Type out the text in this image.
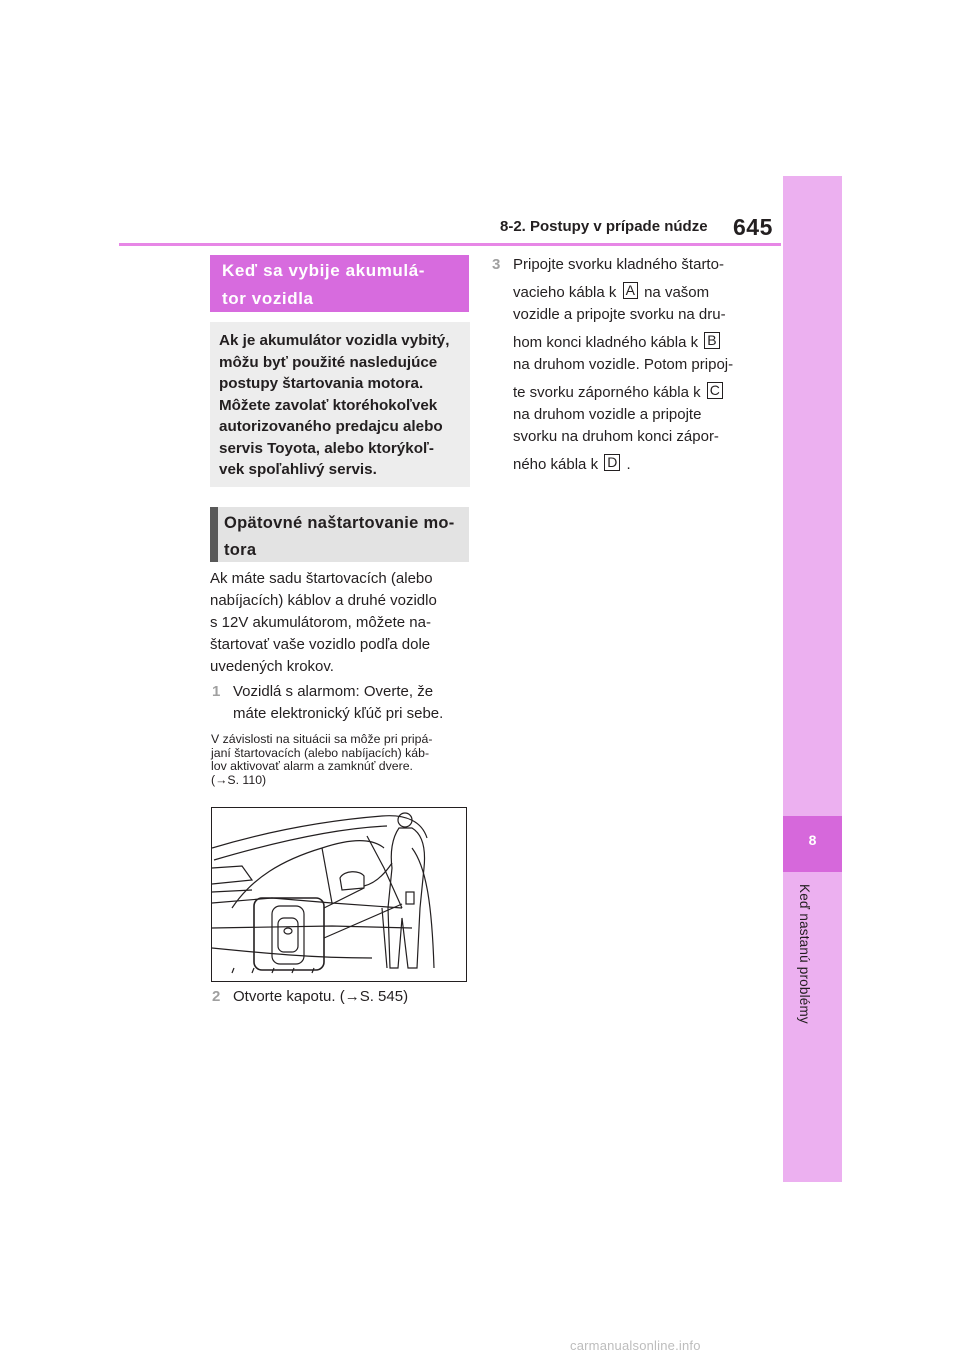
8-2. Postupy v prípade núdze 645
8
Keď nastanú problémy
Keď sa vybije akumulá-
tor vozidla
Ak je akumulátor vozidla vybitý,
môžu byť použité nasledujúce
postupy štartovania motora.
Môžete zavolať ktoréhokoľvek
autorizovaného predajcu alebo
servis Toyota, alebo ktorýkoľ-
vek spoľahlivý servis.
Opätovné naštartovanie mo-
tora
Ak máte sadu štartovacích (alebo
nabíjacích) káblov a druhé vozidlo
s 12V akumulátorom, môžete na-
štartovať vaše vozidlo podľa dole
uvedených krokov.
1 Vozidlá s alarmom: Overte, že
máte elektronický kľúč pri sebe.
V závislosti na situácii sa môže pri pripá-
janí štartovacích (alebo nabíjacích) káb-
lov aktivovať alarm a zamknúť dvere.
(→S. 110)
2 Otvorte kapotu. (→S. 545)
3 Pripojte svorku kladného štarto-
vacieho kábla k A na vašom
vozidle a pripojte svorku na dru-
hom konci kladného kábla k B
na druhom vozidle. Potom pripoj-
te svorku záporného kábla k C
na druhom vozidle a pripojte
svorku na druhom konci zápor-
ného kábla k D .
carmanualsonline.info
